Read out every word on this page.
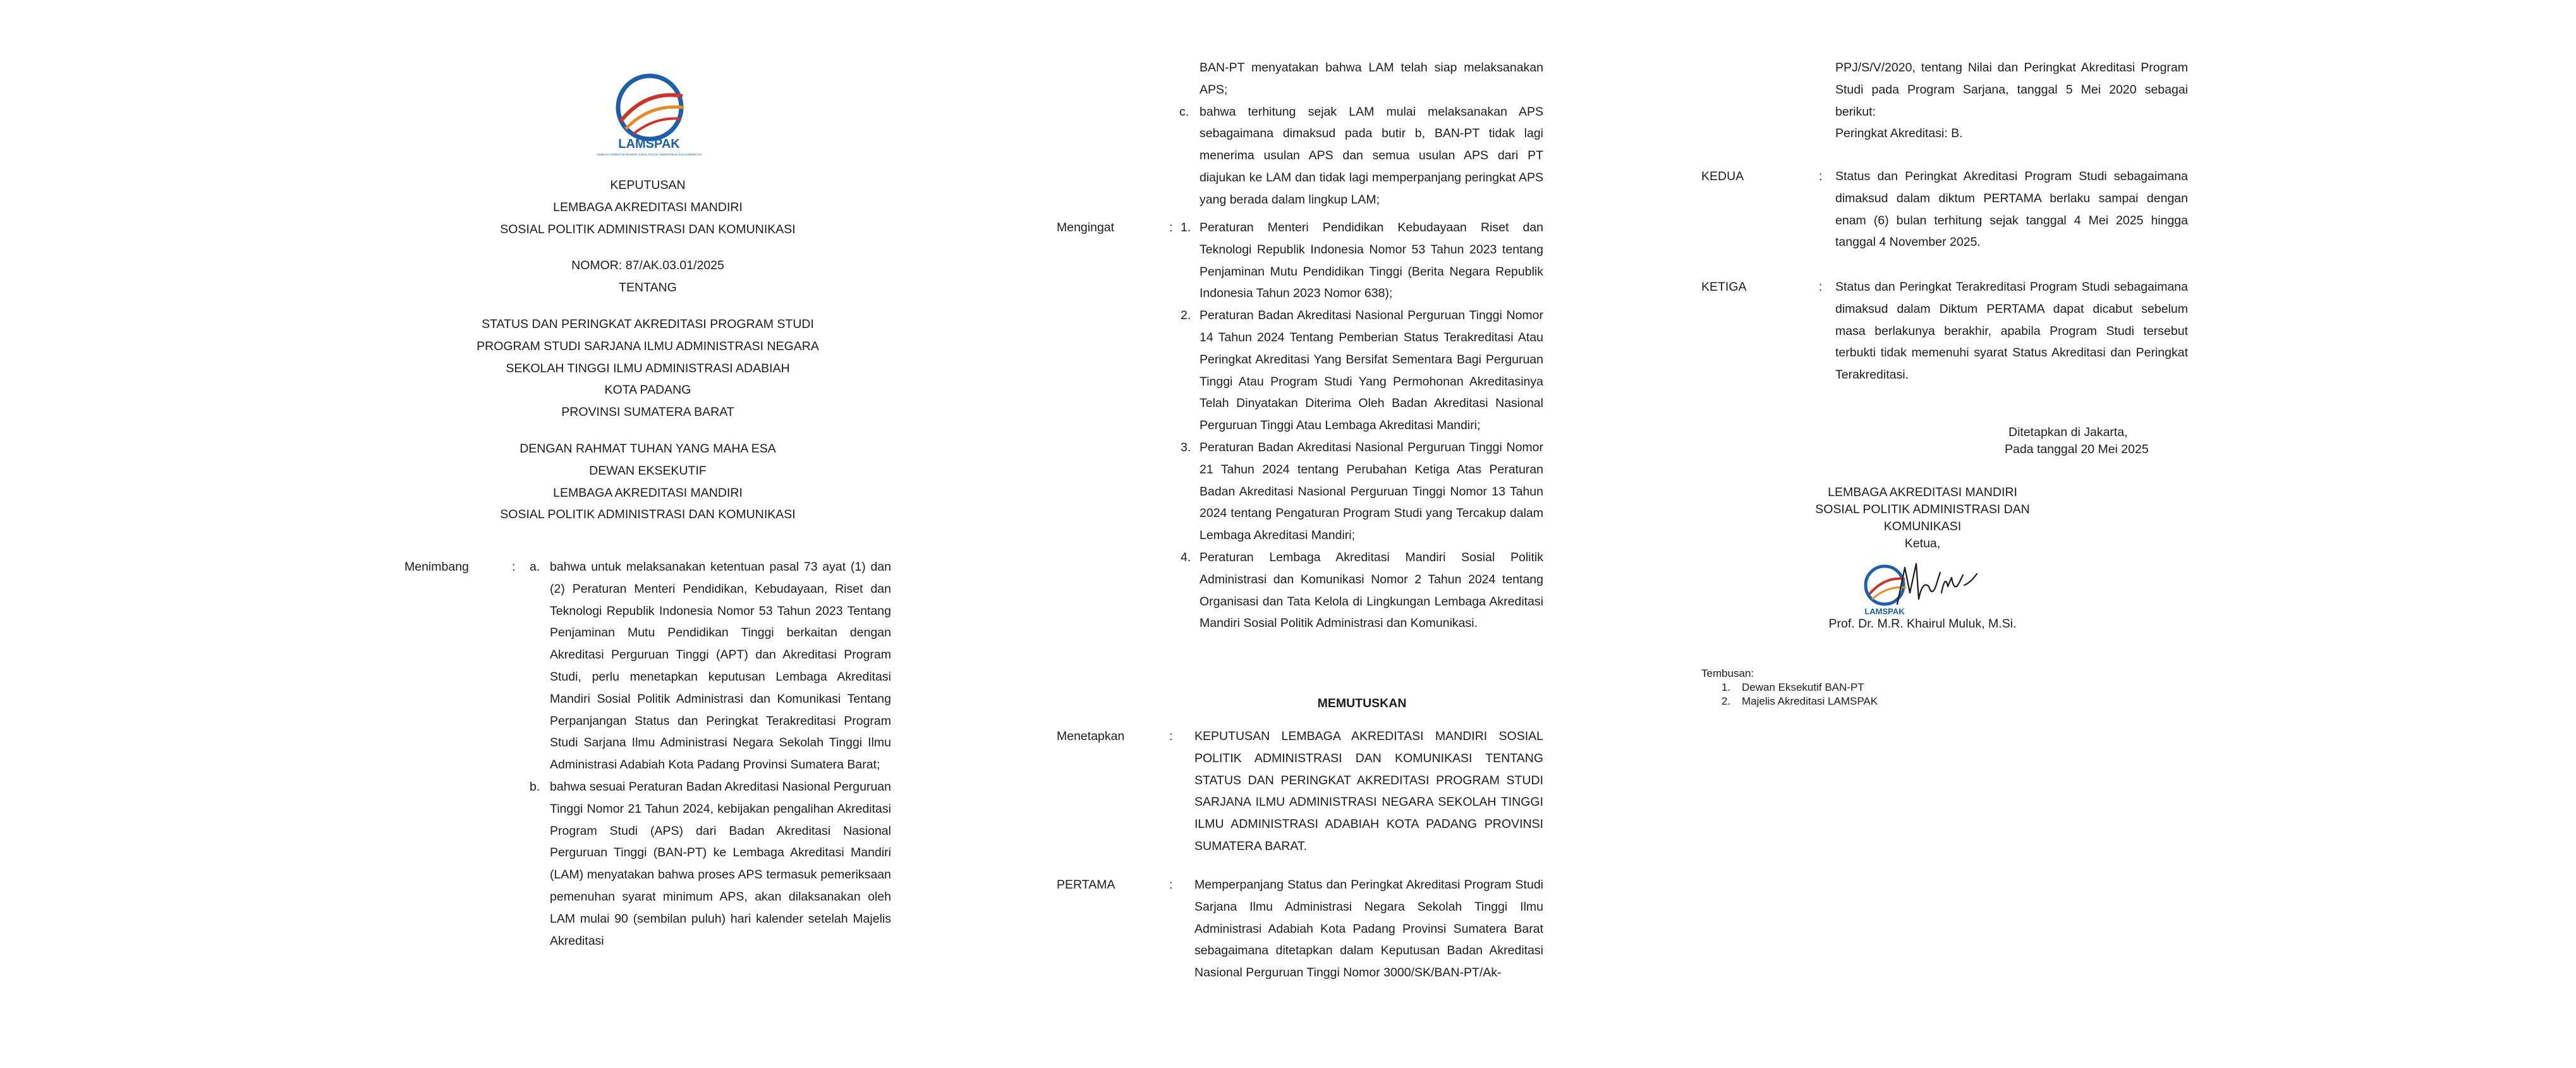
LAMSPAK
LEMBAGA AKREDITASI MANDIRI SOSIAL POLITIK ADMINISTRASI DAN KOMUNIKASI
KEPUTUSAN
LEMBAGA AKREDITASI MANDIRI
SOSIAL POLITIK ADMINISTRASI DAN KOMUNIKASI
NOMOR: 87/AK.03.01/2025
TENTANG
STATUS DAN PERINGKAT AKREDITASI PROGRAM STUDI
PROGRAM STUDI SARJANA ILMU ADMINISTRASI NEGARA
SEKOLAH TINGGI ILMU ADMINISTRASI ADABIAH
KOTA PADANG
PROVINSI SUMATERA BARAT
DENGAN RAHMAT TUHAN YANG MAHA ESA
DEWAN EKSEKUTIF
LEMBAGA AKREDITASI MANDIRI
SOSIAL POLITIK ADMINISTRASI DAN KOMUNIKASI
Menimbang	: a. bahwa untuk melaksanakan ketentuan pasal 73 ayat (1) dan (2) Peraturan Menteri Pendidikan, Kebudayaan, Riset dan Teknologi Republik Indonesia Nomor 53 Tahun 2023 Tentang Penjaminan Mutu Pendidikan Tinggi berkaitan dengan Akreditasi Perguruan Tinggi (APT) dan Akreditasi Program Studi, perlu menetapkan keputusan Lembaga Akreditasi Mandiri Sosial Politik Administrasi dan Komunikasi Tentang Perpanjangan Status dan Peringkat Terakreditasi Program Studi Sarjana Ilmu Administrasi Negara Sekolah Tinggi Ilmu Administrasi Adabiah Kota Padang Provinsi Sumatera Barat;
b. bahwa sesuai Peraturan Badan Akreditasi Nasional Perguruan Tinggi Nomor 21 Tahun 2024, kebijakan pengalihan Akreditasi Program Studi (APS) dari Badan Akreditasi Nasional Perguruan Tinggi (BAN-PT) ke Lembaga Akreditasi Mandiri (LAM) menyatakan bahwa proses APS termasuk pemeriksaan pemenuhan syarat minimum APS, akan dilaksanakan oleh LAM mulai 90 (sembilan puluh) hari kalender setelah Majelis Akreditasi
BAN-PT menyatakan bahwa LAM telah siap melaksanakan APS;
c. bahwa terhitung sejak LAM mulai melaksanakan APS sebagaimana dimaksud pada butir b, BAN-PT tidak lagi menerima usulan APS dan semua usulan APS dari PT diajukan ke LAM dan tidak lagi memperpanjang peringkat APS yang berada dalam lingkup LAM;
Mengingat	: 1. Peraturan Menteri Pendidikan Kebudayaan Riset dan Teknologi Republik Indonesia Nomor 53 Tahun 2023 tentang Penjaminan Mutu Pendidikan Tinggi (Berita Negara Republik Indonesia Tahun 2023 Nomor 638);
2. Peraturan Badan Akreditasi Nasional Perguruan Tinggi Nomor 14 Tahun 2024 Tentang Pemberian Status Terakreditasi Atau Peringkat Akreditasi Yang Bersifat Sementara Bagi Perguruan Tinggi Atau Program Studi Yang Permohonan Akreditasinya Telah Dinyatakan Diterima Oleh Badan Akreditasi Nasional Perguruan Tinggi Atau Lembaga Akreditasi Mandiri;
3. Peraturan Badan Akreditasi Nasional Perguruan Tinggi Nomor 21 Tahun 2024 tentang Perubahan Ketiga Atas Peraturan Badan Akreditasi Nasional Perguruan Tinggi Nomor 13 Tahun 2024 tentang Pengaturan Program Studi yang Tercakup dalam Lembaga Akreditasi Mandiri;
4. Peraturan Lembaga Akreditasi Mandiri Sosial Politik Administrasi dan Komunikasi Nomor 2 Tahun 2024 tentang Organisasi dan Tata Kelola di Lingkungan Lembaga Akreditasi Mandiri Sosial Politik Administrasi dan Komunikasi.
MEMUTUSKAN
Menetapkan	: KEPUTUSAN LEMBAGA AKREDITASI MANDIRI SOSIAL POLITIK ADMINISTRASI DAN KOMUNIKASI TENTANG STATUS DAN PERINGKAT AKREDITASI PROGRAM STUDI SARJANA ILMU ADMINISTRASI NEGARA SEKOLAH TINGGI ILMU ADMINISTRASI ADABIAH KOTA PADANG PROVINSI SUMATERA BARAT.
PERTAMA	: Memperpanjang Status dan Peringkat Akreditasi Program Studi Sarjana Ilmu Administrasi Negara Sekolah Tinggi Ilmu Administrasi Adabiah Kota Padang Provinsi Sumatera Barat sebagaimana ditetapkan dalam Keputusan Badan Akreditasi Nasional Perguruan Tinggi Nomor 3000/SK/BAN-PT/Ak-
PPJ/S/V/2020, tentang Nilai dan Peringkat Akreditasi Program Studi pada Program Sarjana, tanggal 5 Mei 2020 sebagai berikut:
Peringkat Akreditasi: B.
KEDUA	: Status dan Peringkat Akreditasi Program Studi sebagaimana dimaksud dalam diktum PERTAMA berlaku sampai dengan enam (6) bulan terhitung sejak tanggal 4 Mei 2025 hingga tanggal 4 November 2025.
KETIGA	: Status dan Peringkat Terakreditasi Program Studi sebagaimana dimaksud dalam Diktum PERTAMA dapat dicabut sebelum masa berlakunya berakhir, apabila Program Studi tersebut terbukti tidak memenuhi syarat Status Akreditasi dan Peringkat Terakreditasi.
Ditetapkan di Jakarta,
Pada tanggal 20 Mei 2025
LEMBAGA AKREDITASI MANDIRI
SOSIAL POLITIK ADMINISTRASI DAN KOMUNIKASI
Ketua,
LAMSPAK
Prof. Dr. M.R. Khairul Muluk, M.Si.
Tembusan:
1. Dewan Eksekutif BAN-PT
2. Majelis Akreditasi LAMSPAK
